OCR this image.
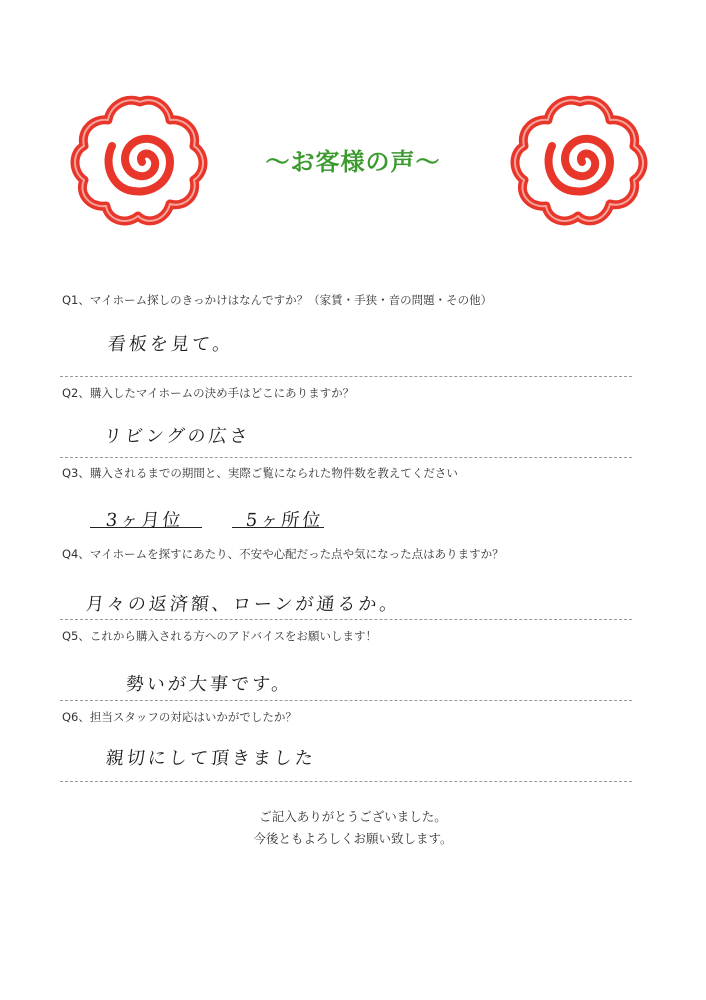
〜お客様の声〜
Q1、マイホーム探しのきっかけはなんですか？（家賃・手狭・音の問題・その他）
看板を見て。
Q2、購入したマイホームの決め手はどこにありますか？
リビングの広さ
Q3、購入されるまでの期間と、実際ご覧になられた物件数を教えてください
3ヶ月位	5ヶ所位
Q4、マイホームを探すにあたり、不安や心配だった点や気になった点はありますか？
月々の返済額、ローンが通るか。
Q5、これから購入される方へのアドバイスをお願いします！
勢いが大事です。
Q6、担当スタッフの対応はいかがでしたか？
親切にして頂きました
ご記入ありがとうございました。
今後ともよろしくお願い致します。
